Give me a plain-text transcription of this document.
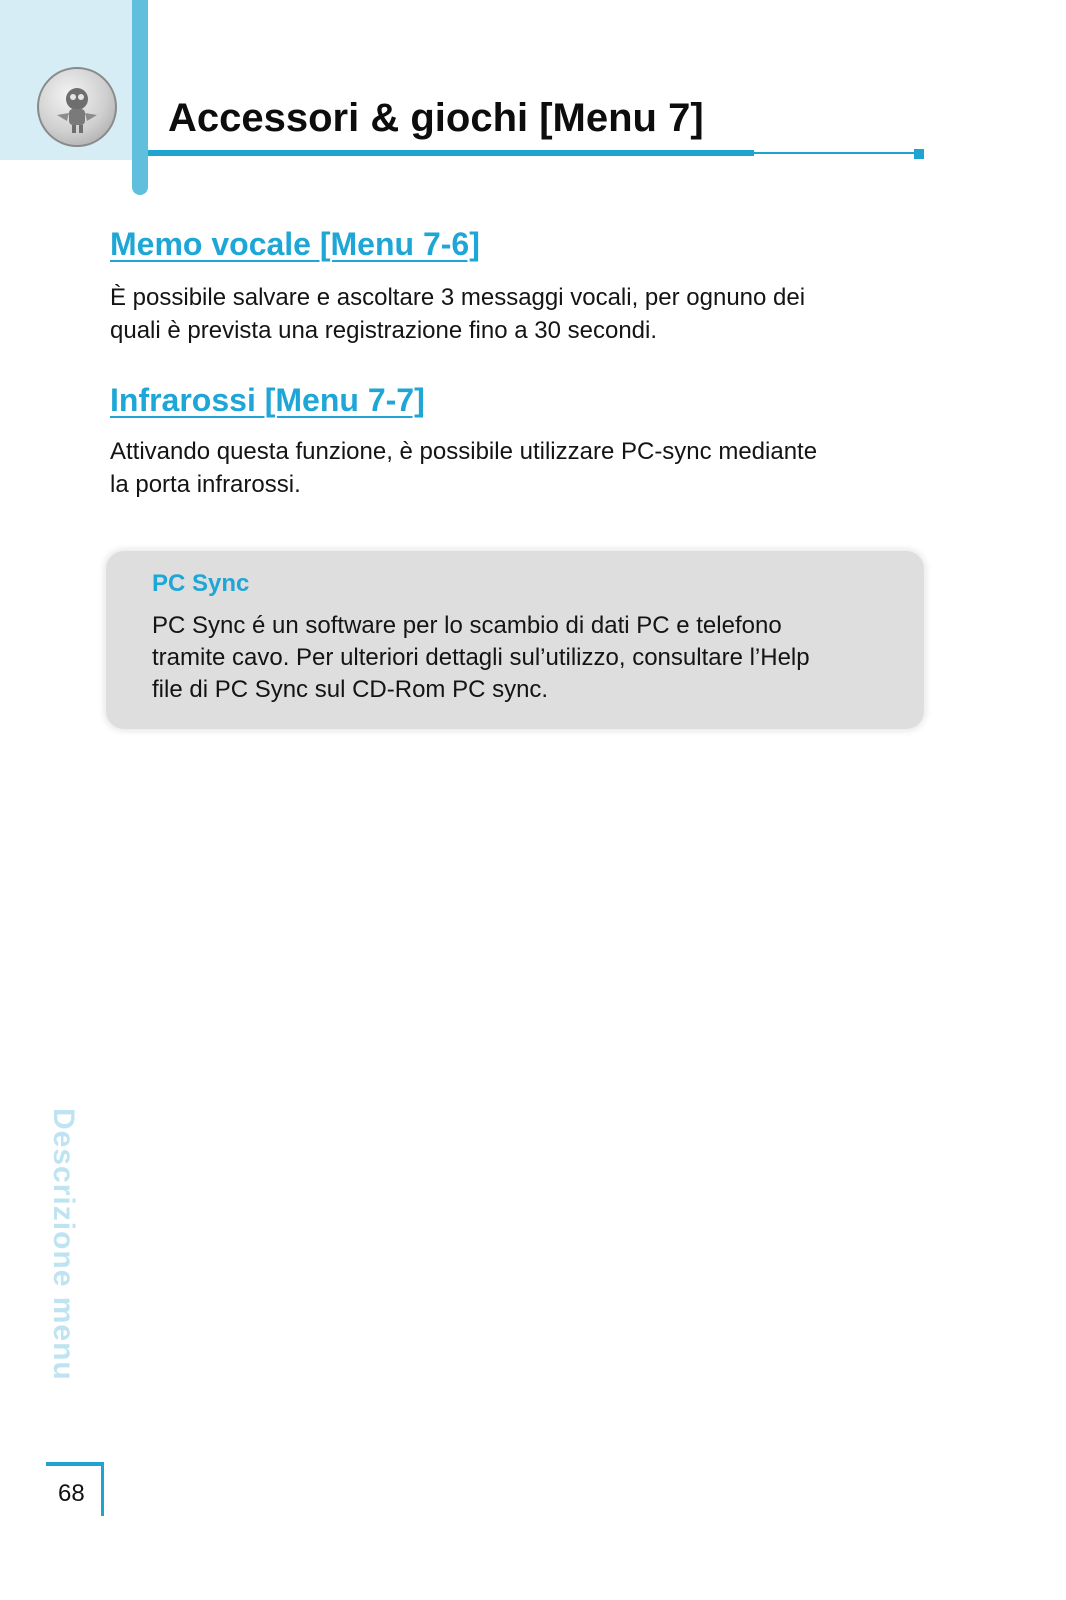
Accessori & giochi [Menu 7]
Memo vocale [Menu 7-6]

È possibile salvare e ascoltare 3 messaggi vocali, per ognuno dei
quali è prevista una registrazione fino a 30 secondi.

Infrarossi [Menu 7-7]

Attivando questa funzione, è possibile utilizzare PC-sync mediante
la porta infrarossi.

PC Sync

PC Sync é un software per lo scambio di dati PC e telefono
tramite cavo. Per ulteriori dettagli sul’utilizzo, consultare l’Help
file di PC Sync sul CD-Rom PC sync.

Descrizione menu

68
